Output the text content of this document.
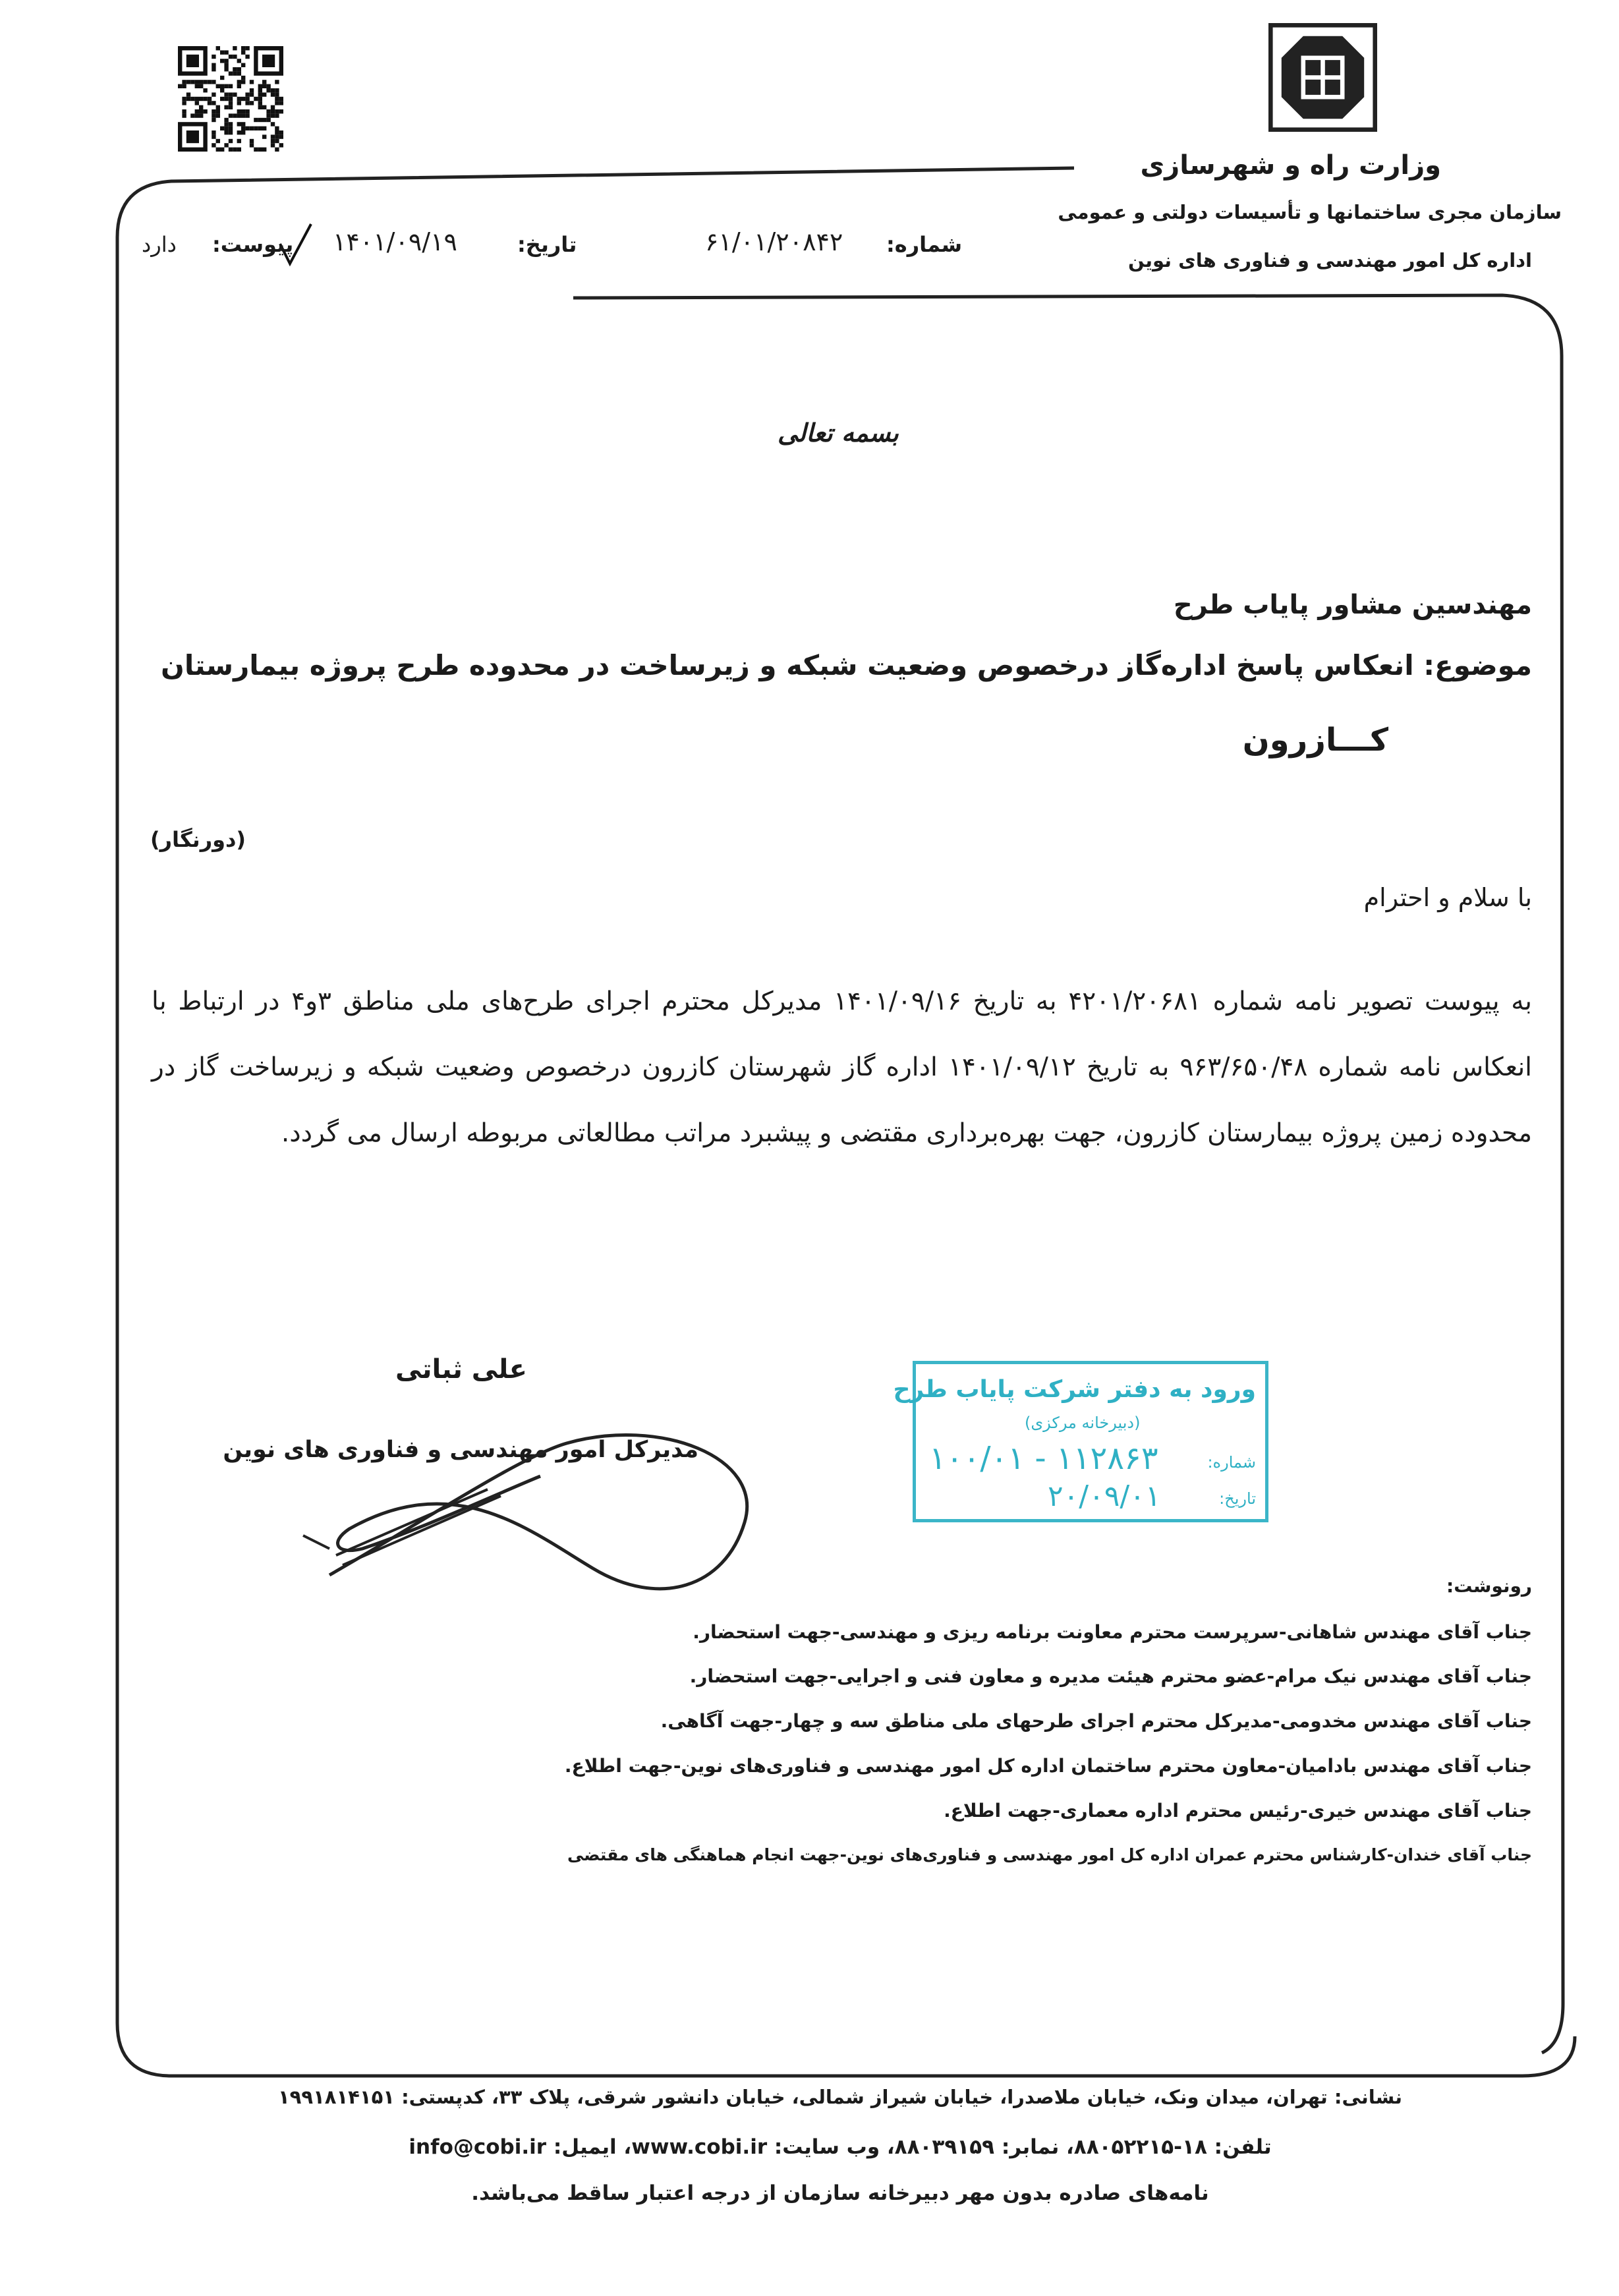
وزارت راه و شهرسازی
سازمان مجری ساختمانها و تأسیسات دولتی و عمومی
اداره کل امور مهندسی و فناوری های نوین
شماره:
۶۱/۰۱/۲۰۸۴۲
تاریخ:
۱۴۰۱/۰۹/۱۹
پیوست:
دارد
بسمه تعالی
مهندسین مشاور پایاب طرح
موضوع: انعکاس پاسخ اداره‌گاز درخصوص وضعیت شبکه و زیرساخت در محدوده طرح پروژه بیمارستان
کـــازرون
(دورنگار)
با سلام و احترام
به پیوست تصویر نامه شماره ۴۲۰۱/۲۰۶۸۱ به تاریخ ۱۴۰۱/۰۹/۱۶ مدیرکل محترم اجرای طرح‌های ملی مناطق ۳و۴ در ارتباط با انعکاس نامه شماره ۹۶۳/۶۵۰/۴۸ به تاریخ ۱۴۰۱/۰۹/۱۲ اداره گاز شهرستان کازرون درخصوص وضعیت شبکه و زیرساخت گاز در محدوده زمین پروژه بیمارستان کازرون، جهت بهره‌برداری مقتضی و پیشبرد مراتب مطالعاتی مربوطه ارسال می گردد.
علی ثباتی
مدیرکل امور مهندسی و فناوری های نوین
ورود به دفتر شرکت پایاب طرح
(دبیرخانه مرکزی)
شماره:
۱۰۰/۰۱ - ۱۱۲۸۶۳
تاریخ:
۲۰/۰۹/۰۱
رونوشت:
جناب آقای مهندس شاهانی-سرپرست محترم معاونت برنامه ریزی و مهندسی-جهت استحضار.
جناب آقای مهندس نیک مرام-عضو محترم هیئت مدیره و معاون فنی و اجرایی-جهت استحضار.
جناب آقای مهندس مخدومی-مدیرکل محترم اجرای طرحهای ملی مناطق سه و چهار-جهت آگاهی.
جناب آقای مهندس بادامیان-معاون محترم ساختمان اداره کل امور مهندسی و فناوری‌های نوین-جهت اطلاع.
جناب آقای مهندس خیری-رئیس محترم اداره معماری-جهت اطلاع.
جناب آقای خندان-کارشناس محترم عمران اداره کل امور مهندسی و فناوری‌های نوین-جهت انجام هماهنگی های مقتضی
نشانی: تهران، میدان ونک، خیابان ملاصدرا، خیابان شیراز شمالی، خیابان دانشور شرقی، پلاک ۳۳، کدپستی: ۱۹۹۱۸۱۴۱۵۱
تلفن: ۱۸-۸۸۰۵۲۲۱۵، نمابر: ۸۸۰۳۹۱۵۹، وب سایت: www.cobi.ir، ایمیل: info@cobi.ir
نامه‌های صادره بدون مهر دبیرخانه سازمان از درجه اعتبار ساقط می‌باشد.
